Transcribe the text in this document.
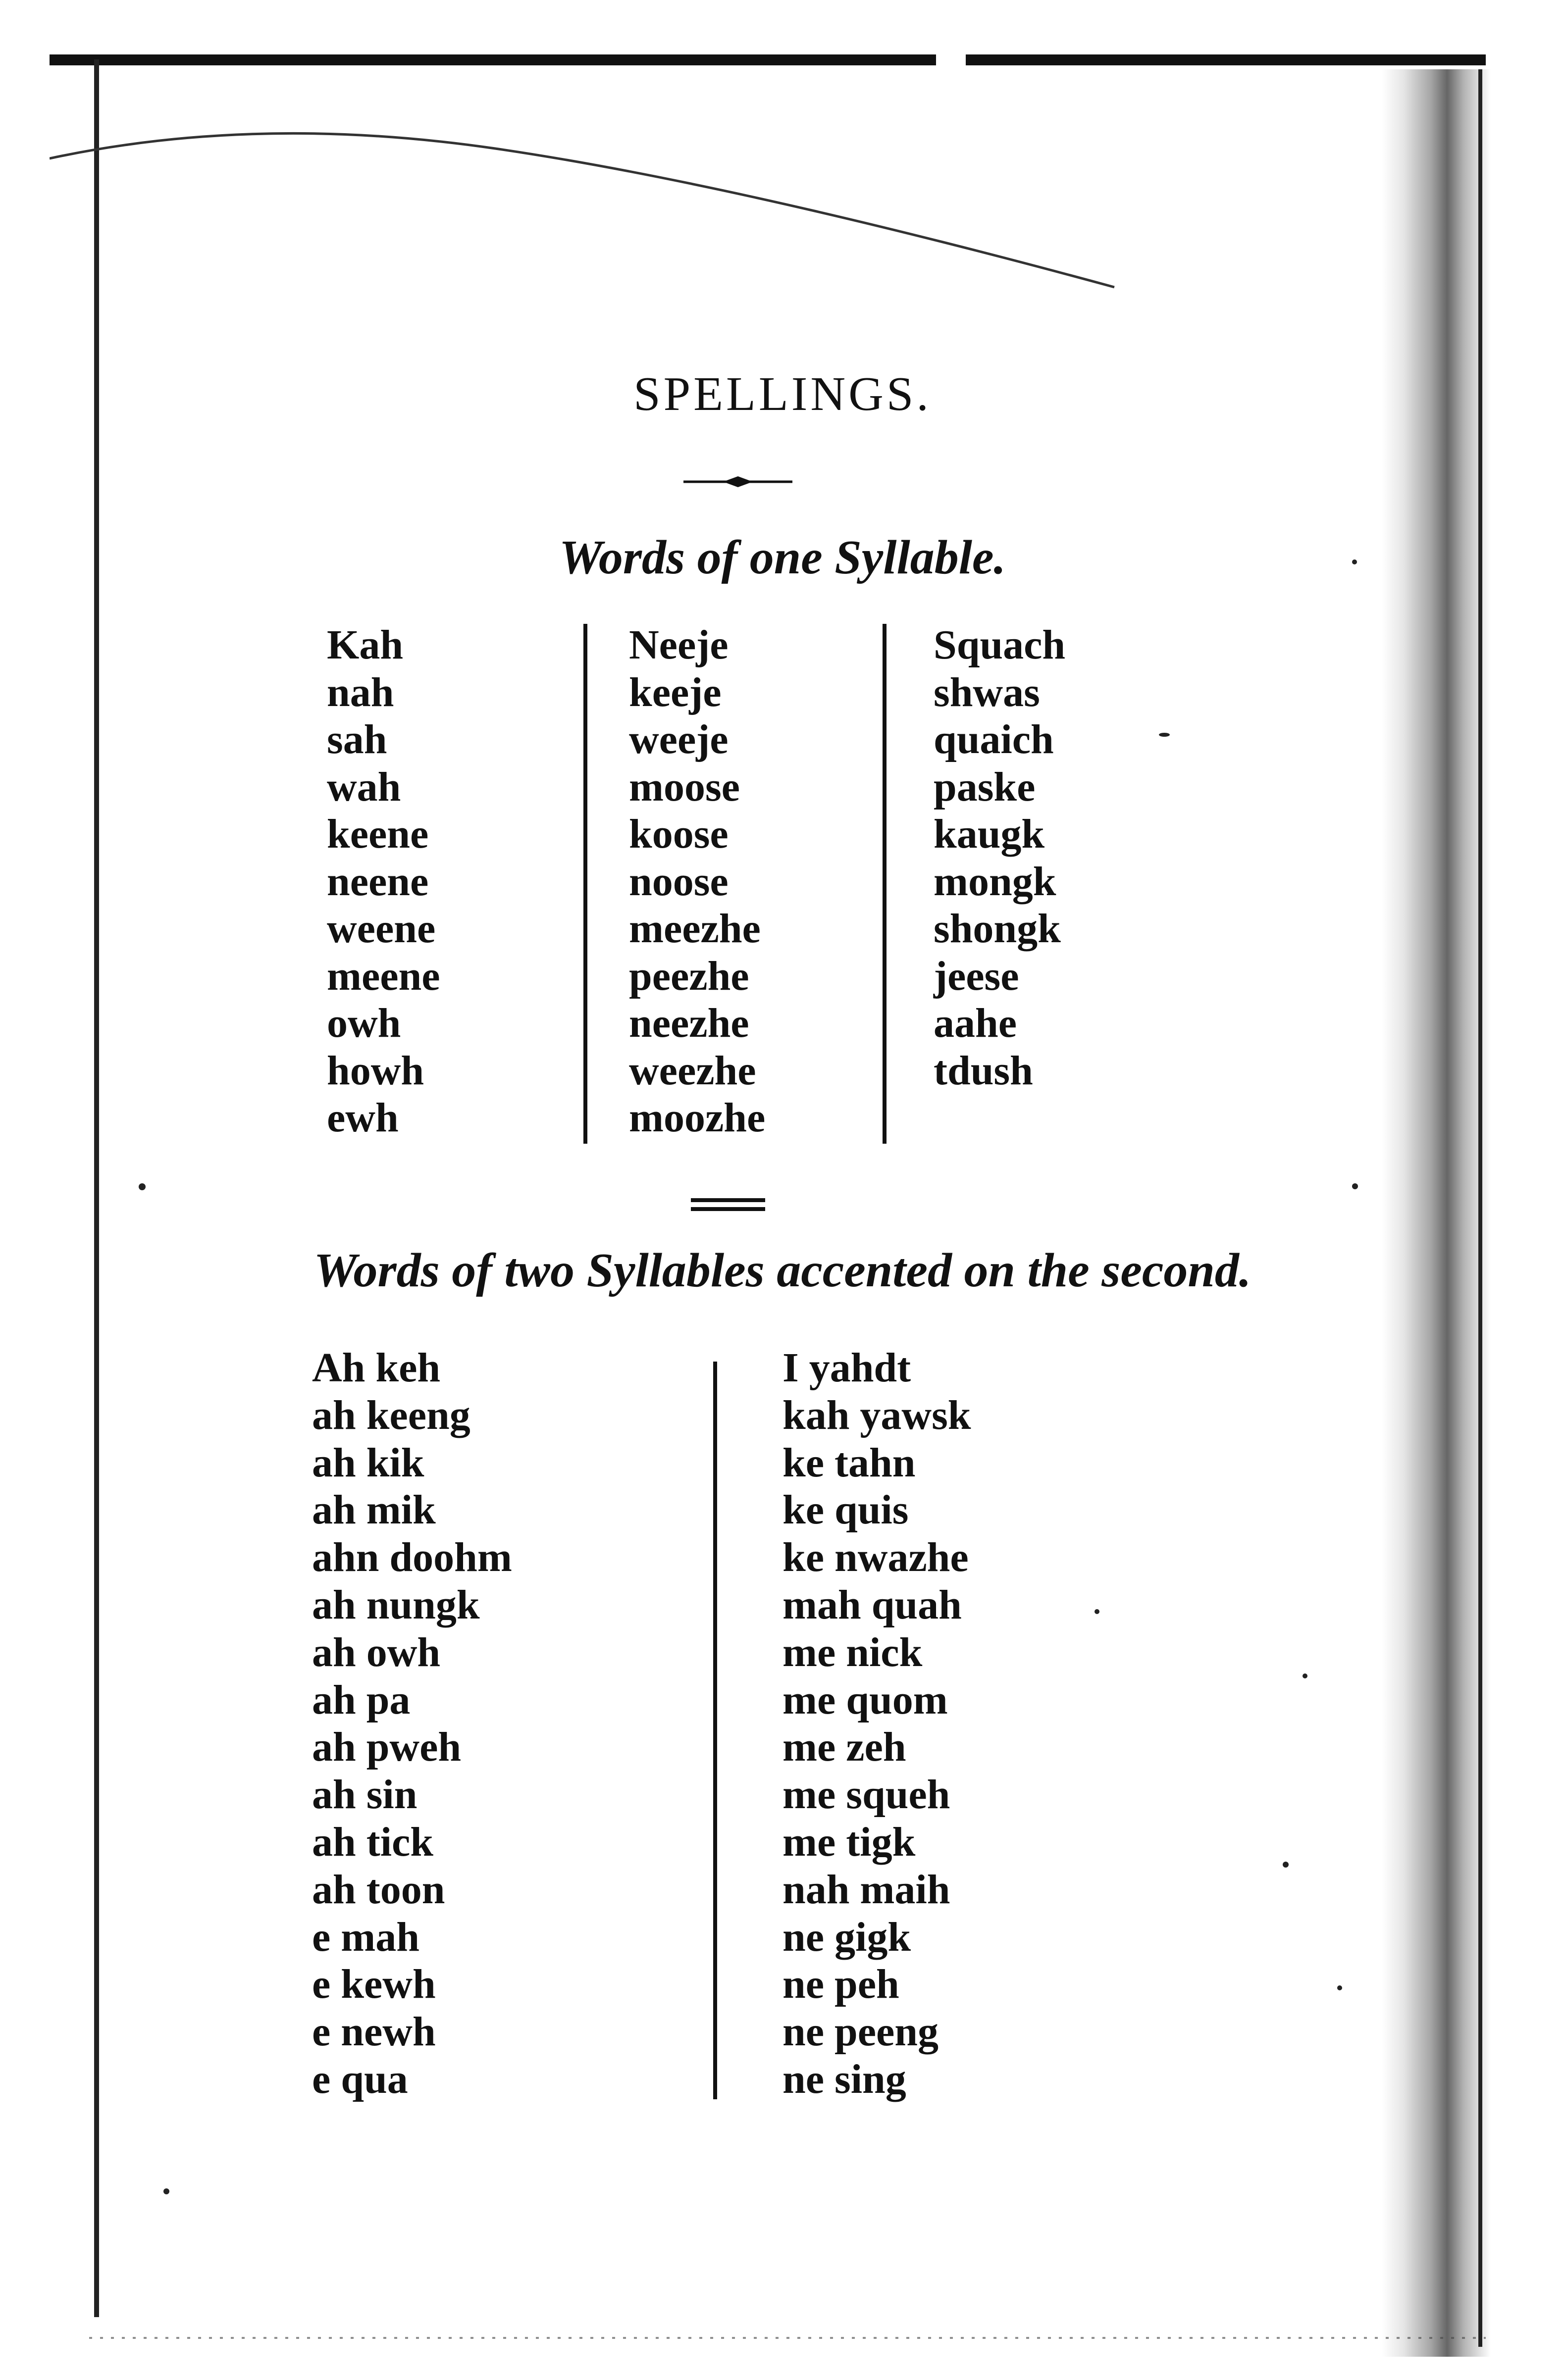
SPELLINGS.
Words of one Syllable.
Kah
nah
sah
wah
keene
neene
weene
meene
owh
howh
ewh
Neeje
keeje
weeje
moose
koose
noose
meezhe
peezhe
neezhe
weezhe
moozhe
Squach
shwas
quaich
paske
kaugk
mongk
shongk
jeese
aahe
tdush
Words of two Syllables accented on the second.
Ah keh
ah keeng
ah kik
ah mik
ahn doohm
ah nungk
ah owh
ah pa
ah pweh
ah sin
ah tick
ah toon
e mah
e kewh
e newh
e qua
I yahdt
kah yawsk
ke tahn
ke quis
ke nwazhe
mah quah
me nick
me quom
me zeh
me squeh
me tigk
nah maih
ne gigk
ne peh
ne peeng
ne sing
